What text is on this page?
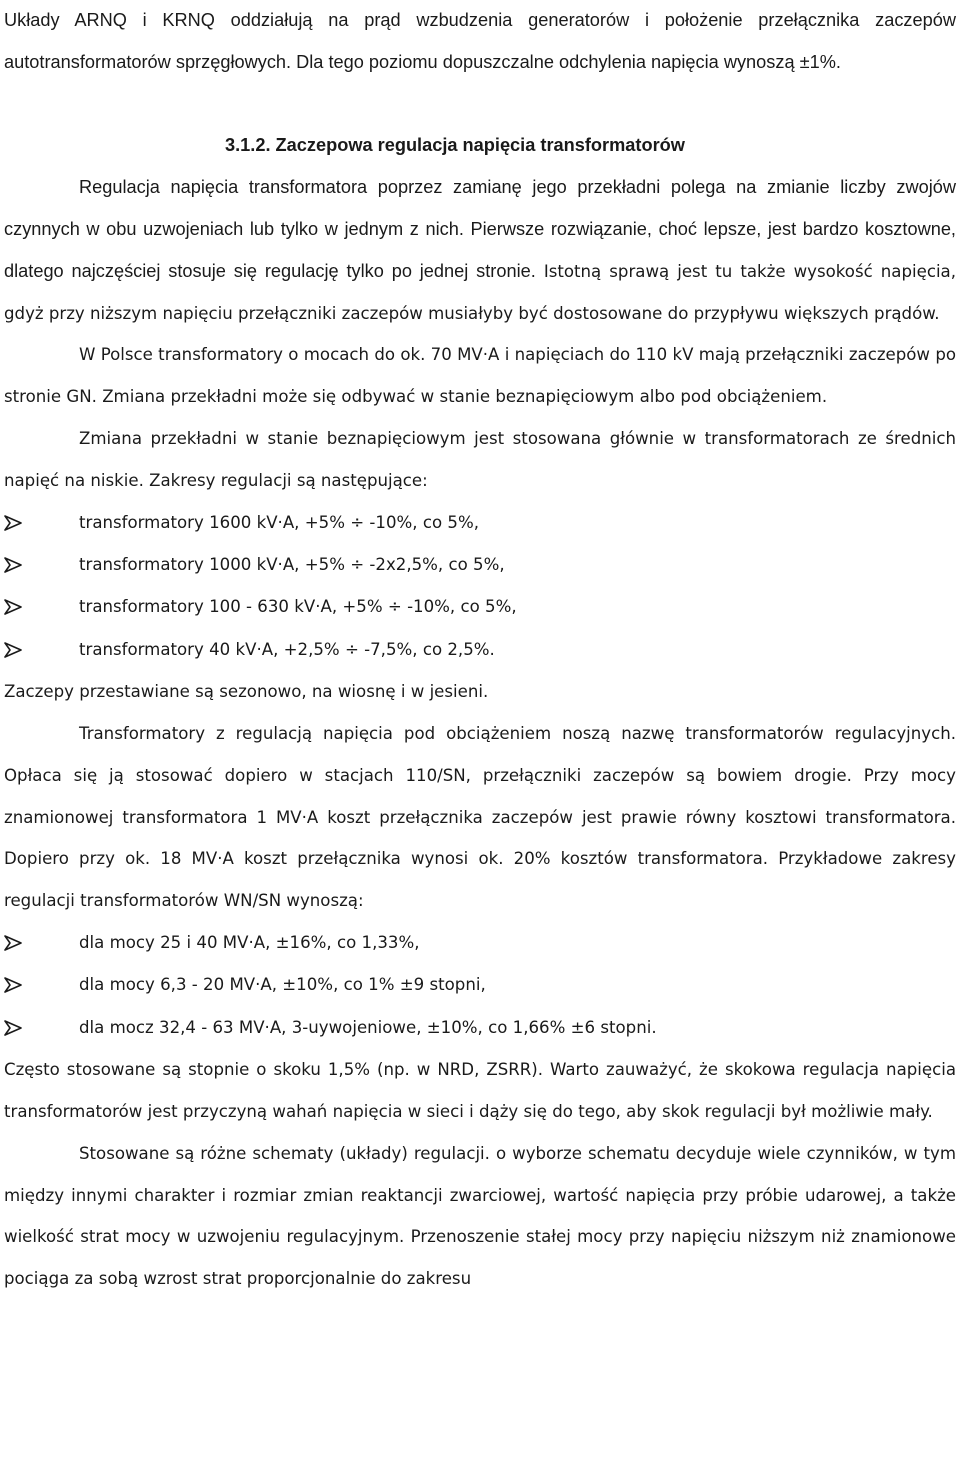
Układy ARNQ i KRNQ oddziałują na prąd wzbudzenia generatorów i położenie przełącznika zaczepów autotransformatorów sprzęgłowych. Dla tego poziomu dopuszczalne odchylenia napięcia wynoszą ±1%.

3.1.2. Zaczepowa regulacja napięcia transformatorów

Regulacja napięcia transformatora poprzez zamianę jego przekładni polega na zmianie liczby zwojów czynnych w obu uzwojeniach lub tylko w jednym z nich. Pierwsze rozwiązanie, choć lepsze, jest bardzo kosztowne, dlatego najczęściej stosuje się regulację tylko po jednej stronie. Istotną sprawą jest tu także wysokość napięcia, gdyż przy niższym napięciu przełączniki zaczepów musiałyby być dostosowane do przypływu większych prądów.

W Polsce transformatory o mocach do ok. 70 MV·A i napięciach do 110 kV mają przełączniki zaczepów po stronie GN. Zmiana przekładni może się odbywać w stanie beznapięciowym albo pod obciążeniem.

Zmiana przekładni w stanie beznapięciowym jest stosowana głównie w transformatorach ze średnich napięć na niskie. Zakresy regulacji są następujące:

transformatory 1600 kV·A, +5% ÷ -10%, co 5%,
transformatory 1000 kV·A, +5% ÷ -2x2,5%, co 5%,
transformatory 100 - 630 kV·A, +5% ÷ -10%, co 5%,
transformatory 40 kV·A, +2,5% ÷ -7,5%, co 2,5%.

Zaczepy przestawiane są sezonowo, na wiosnę i w jesieni.

Transformatory z regulacją napięcia pod obciążeniem noszą nazwę transformatorów regulacyjnych. Opłaca się ją stosować dopiero w stacjach 110/SN, przełączniki zaczepów są bowiem drogie. Przy mocy znamionowej transformatora 1 MV·A koszt przełącznika zaczepów jest prawie równy kosztowi transformatora. Dopiero przy ok. 18 MV·A koszt przełącznika wynosi ok. 20% kosztów transformatora. Przykładowe zakresy regulacji transformatorów WN/SN wynoszą:

dla mocy 25 i 40 MV·A, ±16%, co 1,33%,
dla mocy 6,3 - 20 MV·A, ±10%, co 1% ±9 stopni,
dla mocz 32,4 - 63 MV·A, 3-uywojeniowe, ±10%, co 1,66% ±6 stopni.

Często stosowane są stopnie o skoku 1,5% (np. w NRD, ZSRR). Warto zauważyć, że skokowa regulacja napięcia transformatorów jest przyczyną wahań napięcia w sieci i dąży się do tego, aby skok regulacji był możliwie mały.

Stosowane są różne schematy (układy) regulacji. o wyborze schematu decyduje wiele czynników, w tym między innymi charakter i rozmiar zmian reaktancji zwarciowej, wartość napięcia przy próbie udarowej, a także wielkość strat mocy w uzwojeniu regulacyjnym. Przenoszenie stałej mocy przy napięciu niższym niż znamionowe pociąga za sobą wzrost strat proporcjonalnie do zakresu
